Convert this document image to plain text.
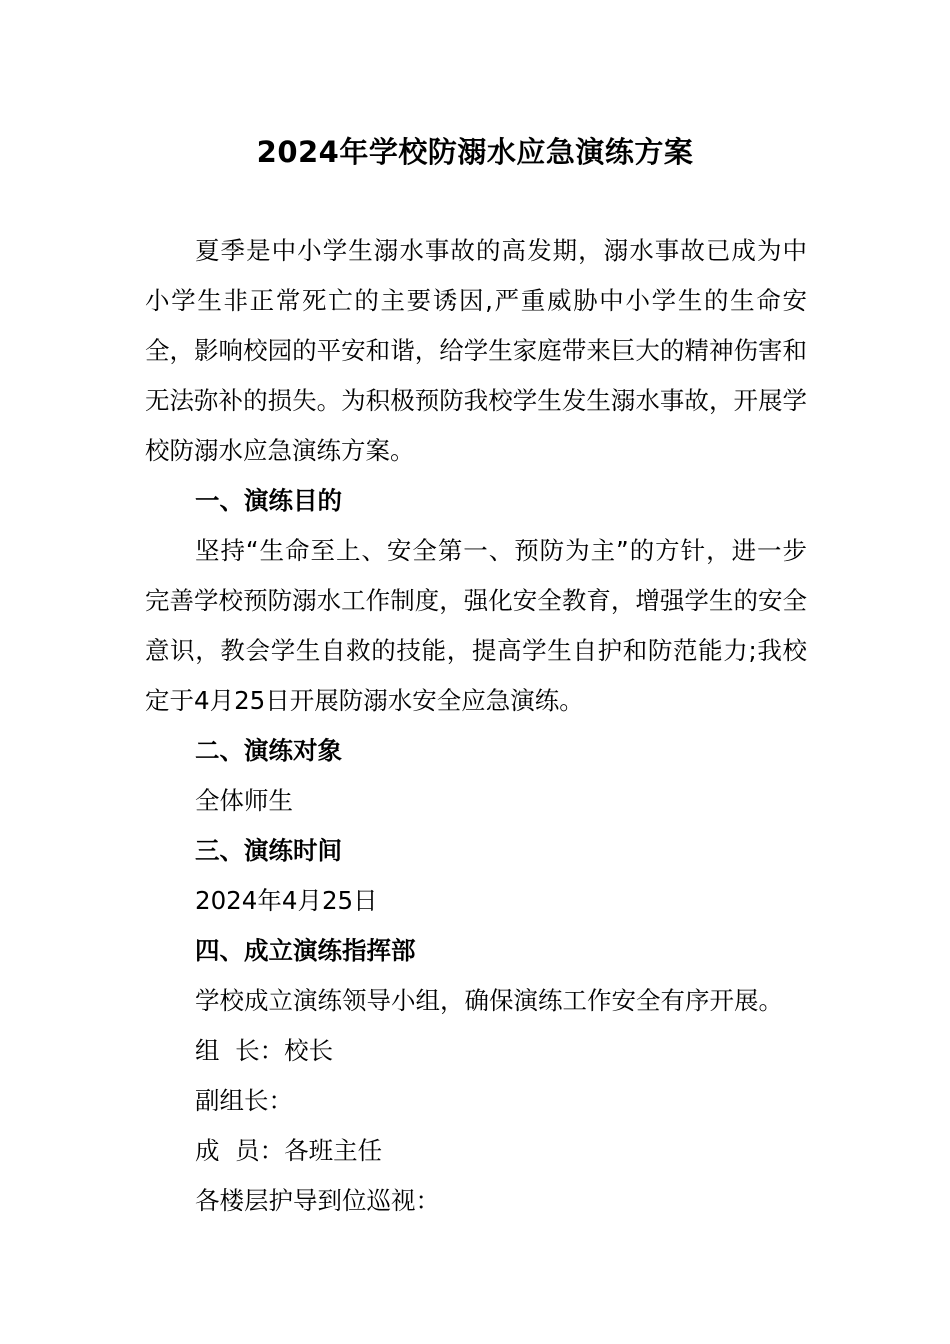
2024年学校防溺水应急演练方案

夏季是中小学生溺水事故的高发期，溺水事故已成为中小学生非正常死亡的主要诱因,严重威胁中小学生的生命安全，影响校园的平安和谐，给学生家庭带来巨大的精神伤害和无法弥补的损失。为积极预防我校学生发生溺水事故，开展学校防溺水应急演练方案。

一、演练目的

坚持“生命至上、安全第一、预防为主”的方针，进一步完善学校预防溺水工作制度，强化安全教育，增强学生的安全意识，教会学生自救的技能，提高学生自护和防范能力;我校定于4月25日开展防溺水安全应急演练。

二、演练对象

全体师生

三、演练时间

2024年4月25日

四、成立演练指挥部

学校成立演练领导小组，确保演练工作安全有序开展。

组  长：校长

副组长：

成  员：各班主任

各楼层护导到位巡视：
